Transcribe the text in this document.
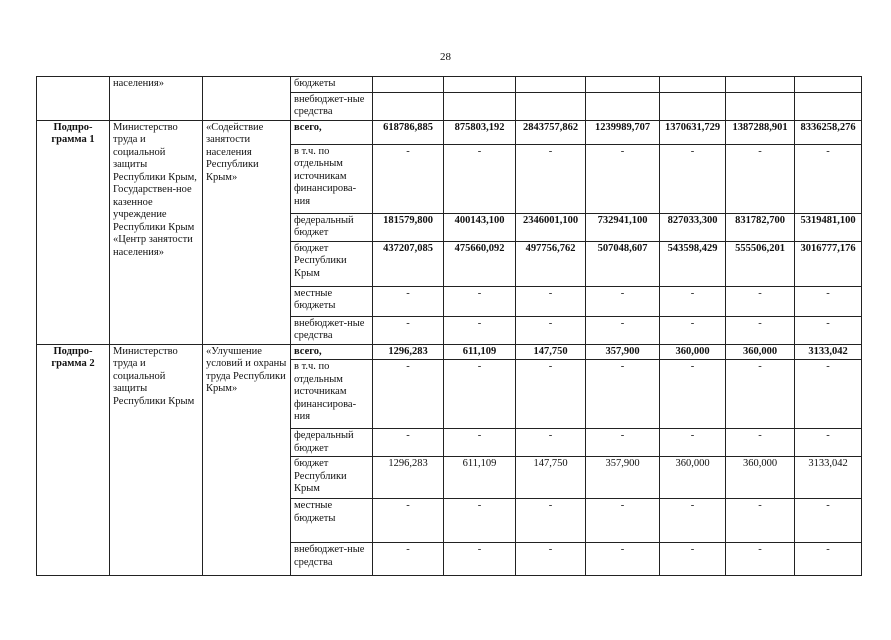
28
	населения»		бюджеты							
			внебюджет-ные средства							
Подпро-грамма 1	Министерство труда и социальной защиты Республики Крым, Государствен-ное казенное учреждение Республики Крым «Центр занятости населения»	«Содействие занятости населения Республики Крым»	всего,	618786,885	875803,192	2843757,862	1239989,707	1370631,729	1387288,901	8336258,276
			в т.ч. по отдельным источникам финансирова-ния	-	-	-	-	-	-	-
			федеральный бюджет	181579,800	400143,100	2346001,100	732941,100	827033,300	831782,700	5319481,100
			бюджет Республики Крым	437207,085	475660,092	497756,762	507048,607	543598,429	555506,201	3016777,176
			местные бюджеты	-	-	-	-	-	-	-
			внебюджет-ные средства	-	-	-	-	-	-	-
Подпро-грамма 2	Министерство труда и социальной защиты Республики Крым	«Улучшение условий и охраны труда Республики Крым»	всего,	1296,283	611,109	147,750	357,900	360,000	360,000	3133,042
			в т.ч. по отдельным источникам финансирова-ния	-	-	-	-	-	-	-
			федеральный бюджет	-	-	-	-	-	-	-
			бюджет Республики Крым	1296,283	611,109	147,750	357,900	360,000	360,000	3133,042
			местные бюджеты	-	-	-	-	-	-	-
			внебюджет-ные средства	-	-	-	-	-	-	-
